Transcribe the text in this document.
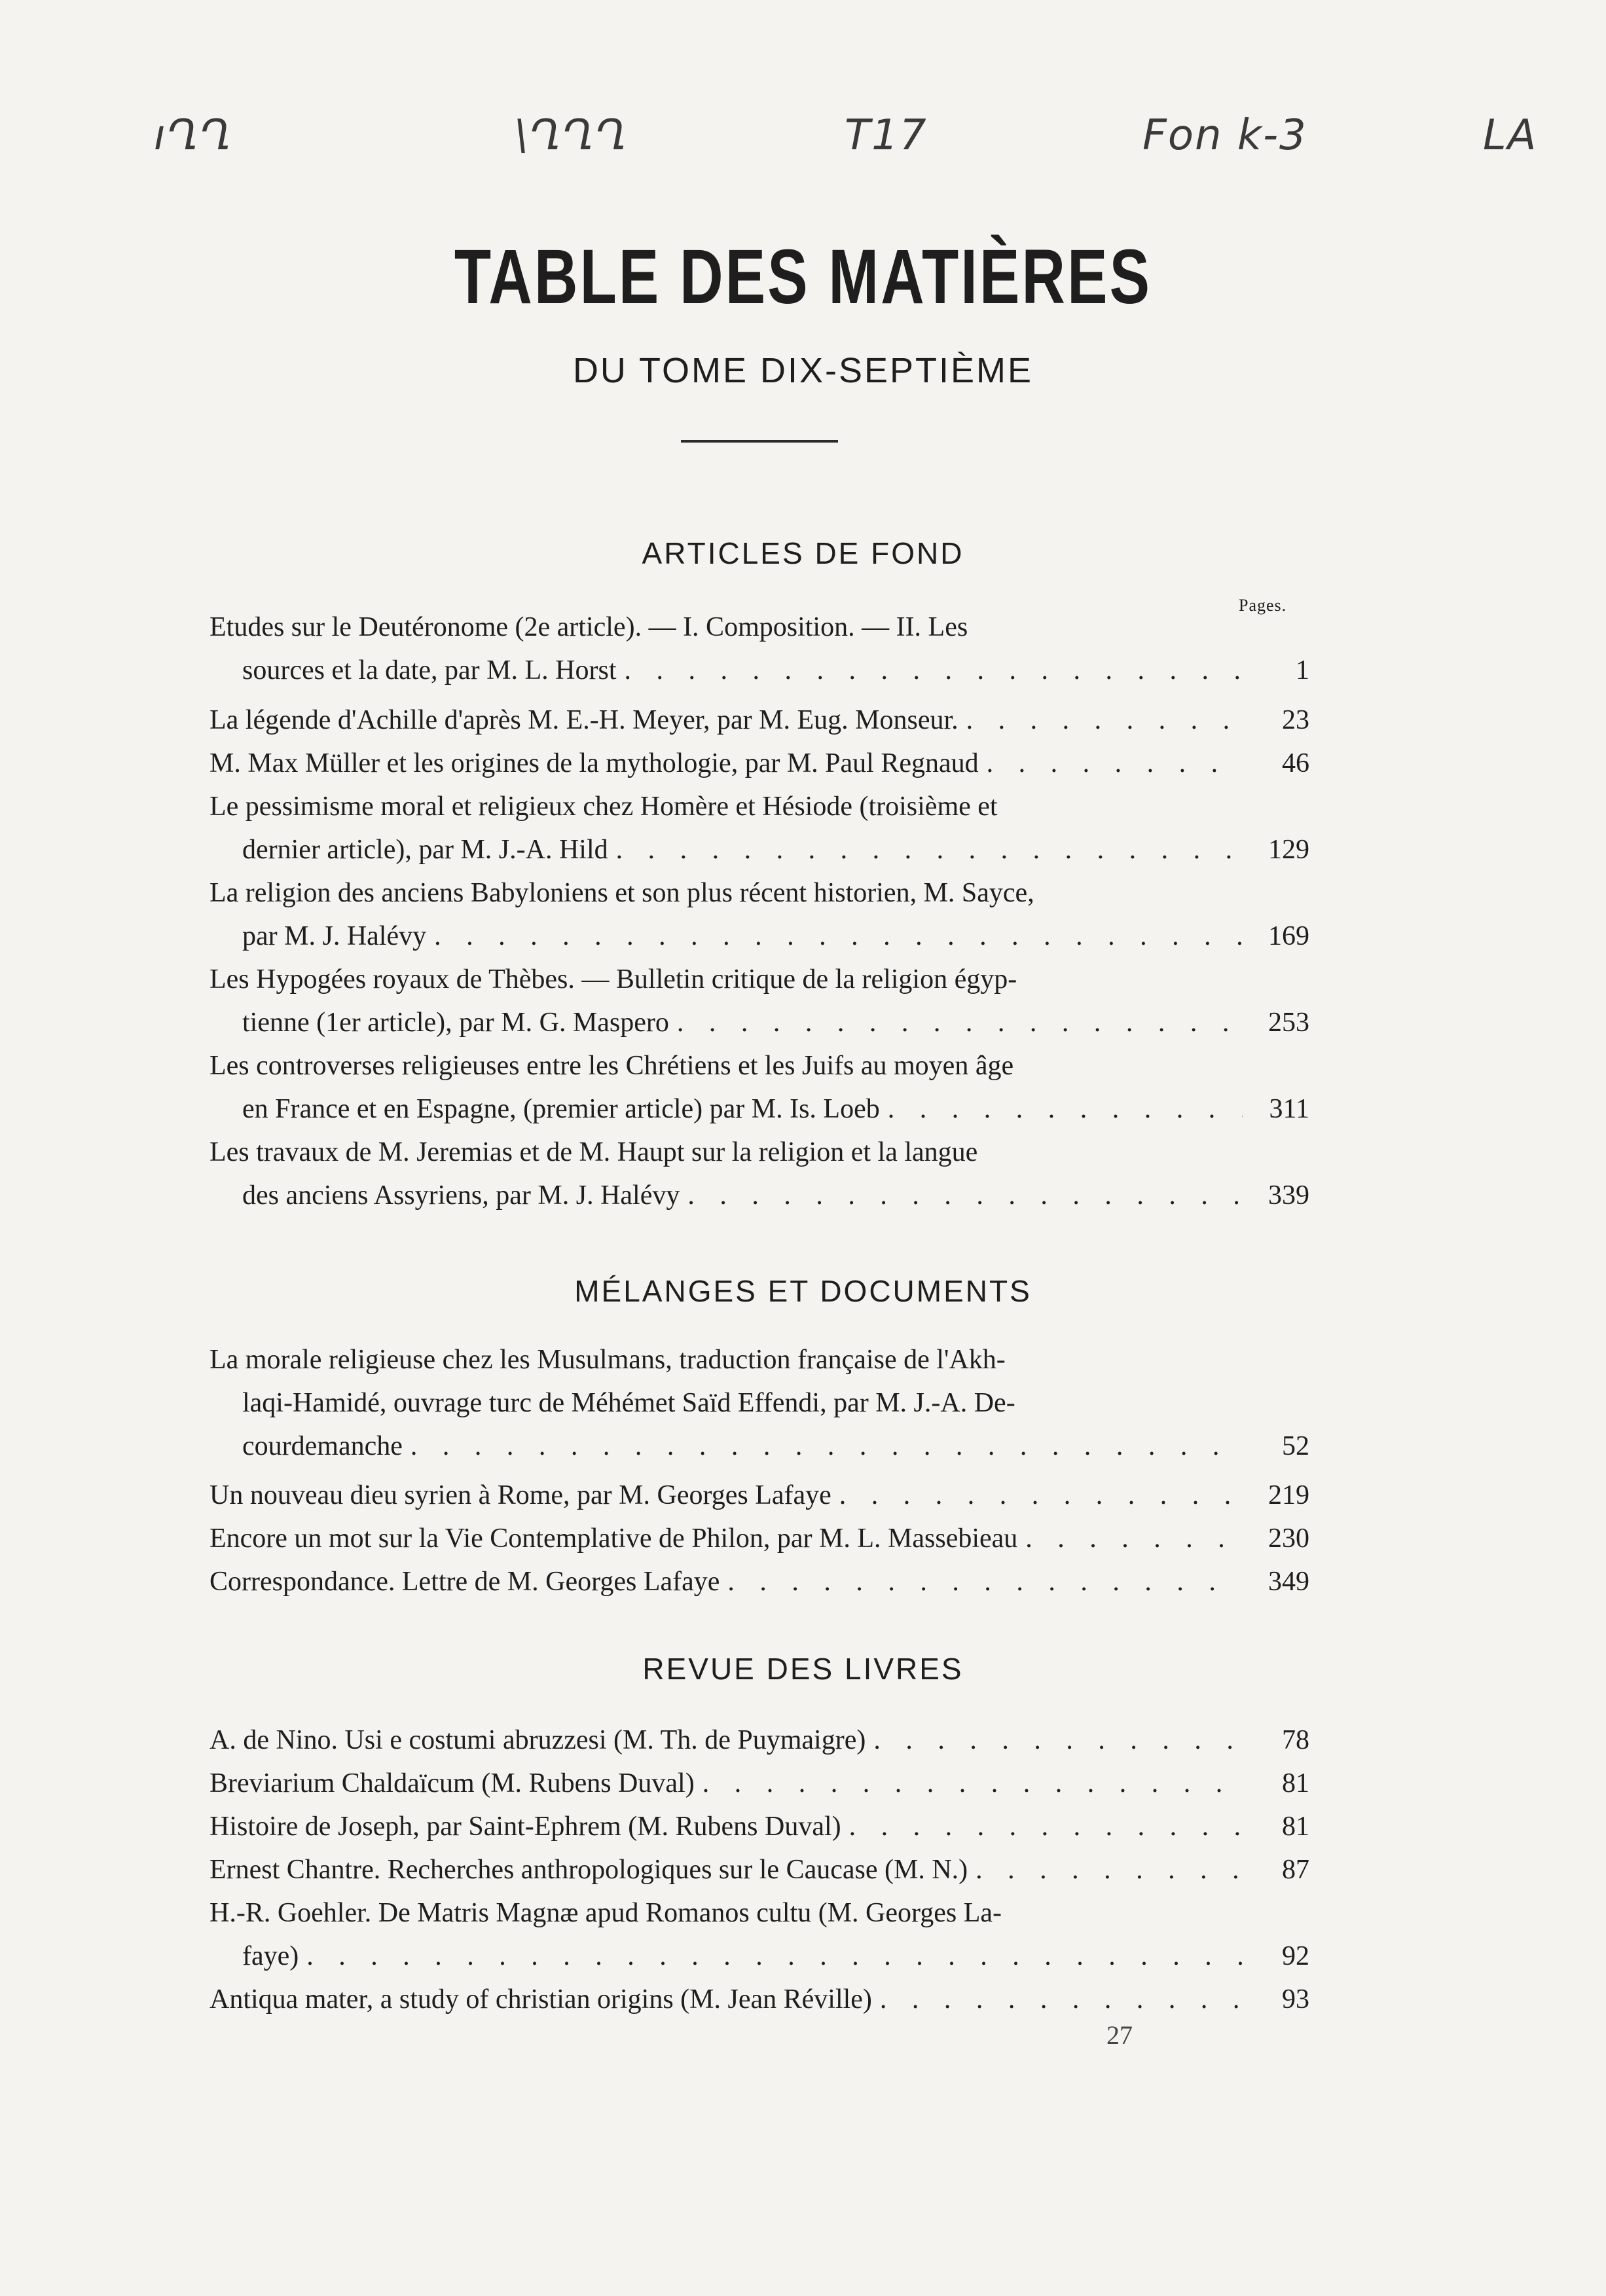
ıՂՂ	\ՂՂՂ	T17	Fon k-3	LA
TABLE DES MATIÈRES
DU TOME DIX-SEPTIÈME
ARTICLES DE FOND
Pages.
Etudes sur le Deutéronome (2e article). — I. Composition. — II. Les
sources et la date, par M. L. Horst . . .	1
La légende d'Achille d'après M. E.-H. Meyer, par M. Eug. Monseur. . . .	23
M. Max Müller et les origines de la mythologie, par M. Paul Regnaud . . .	46
Le pessimisme moral et religieux chez Homère et Hésiode (troisième et
dernier article), par M. J.-A. Hild . . .	129
La religion des anciens Babyloniens et son plus récent historien, M. Sayce,
par M. J. Halévy . . .	169
Les Hypogées royaux de Thèbes. — Bulletin critique de la religion égyp-
tienne (1er article), par M. G. Maspero . . .	253
Les controverses religieuses entre les Chrétiens et les Juifs au moyen âge
en France et en Espagne, (premier article) par M. Is. Loeb . . .	311
Les travaux de M. Jeremias et de M. Haupt sur la religion et la langue
des anciens Assyriens, par M. J. Halévy . . .	339
MÉLANGES ET DOCUMENTS
La morale religieuse chez les Musulmans, traduction française de l'Akh-
laqi-Hamidé, ouvrage turc de Méhémet Saïd Effendi, par M. J.-A. De-
courdemanche . . .	52
Un nouveau dieu syrien à Rome, par M. Georges Lafaye . . .	219
Encore un mot sur la Vie Contemplative de Philon, par M. L. Massebieau . . .	230
Correspondance. Lettre de M. Georges Lafaye . . .	349
REVUE DES LIVRES
A. de Nino. Usi e costumi abruzzesi (M. Th. de Puymaigre) . . .	78
Breviarium Chaldaïcum (M. Rubens Duval) . . .	81
Histoire de Joseph, par Saint-Ephrem (M. Rubens Duval) . . .	81
Ernest Chantre. Recherches anthropologiques sur le Caucase (M. N.) . . .	87
H.-R. Goehler. De Matris Magnæ apud Romanos cultu (M. Georges La-
faye) . . .	92
Antiqua mater, a study of christian origins (M. Jean Réville) . . .	93
27
